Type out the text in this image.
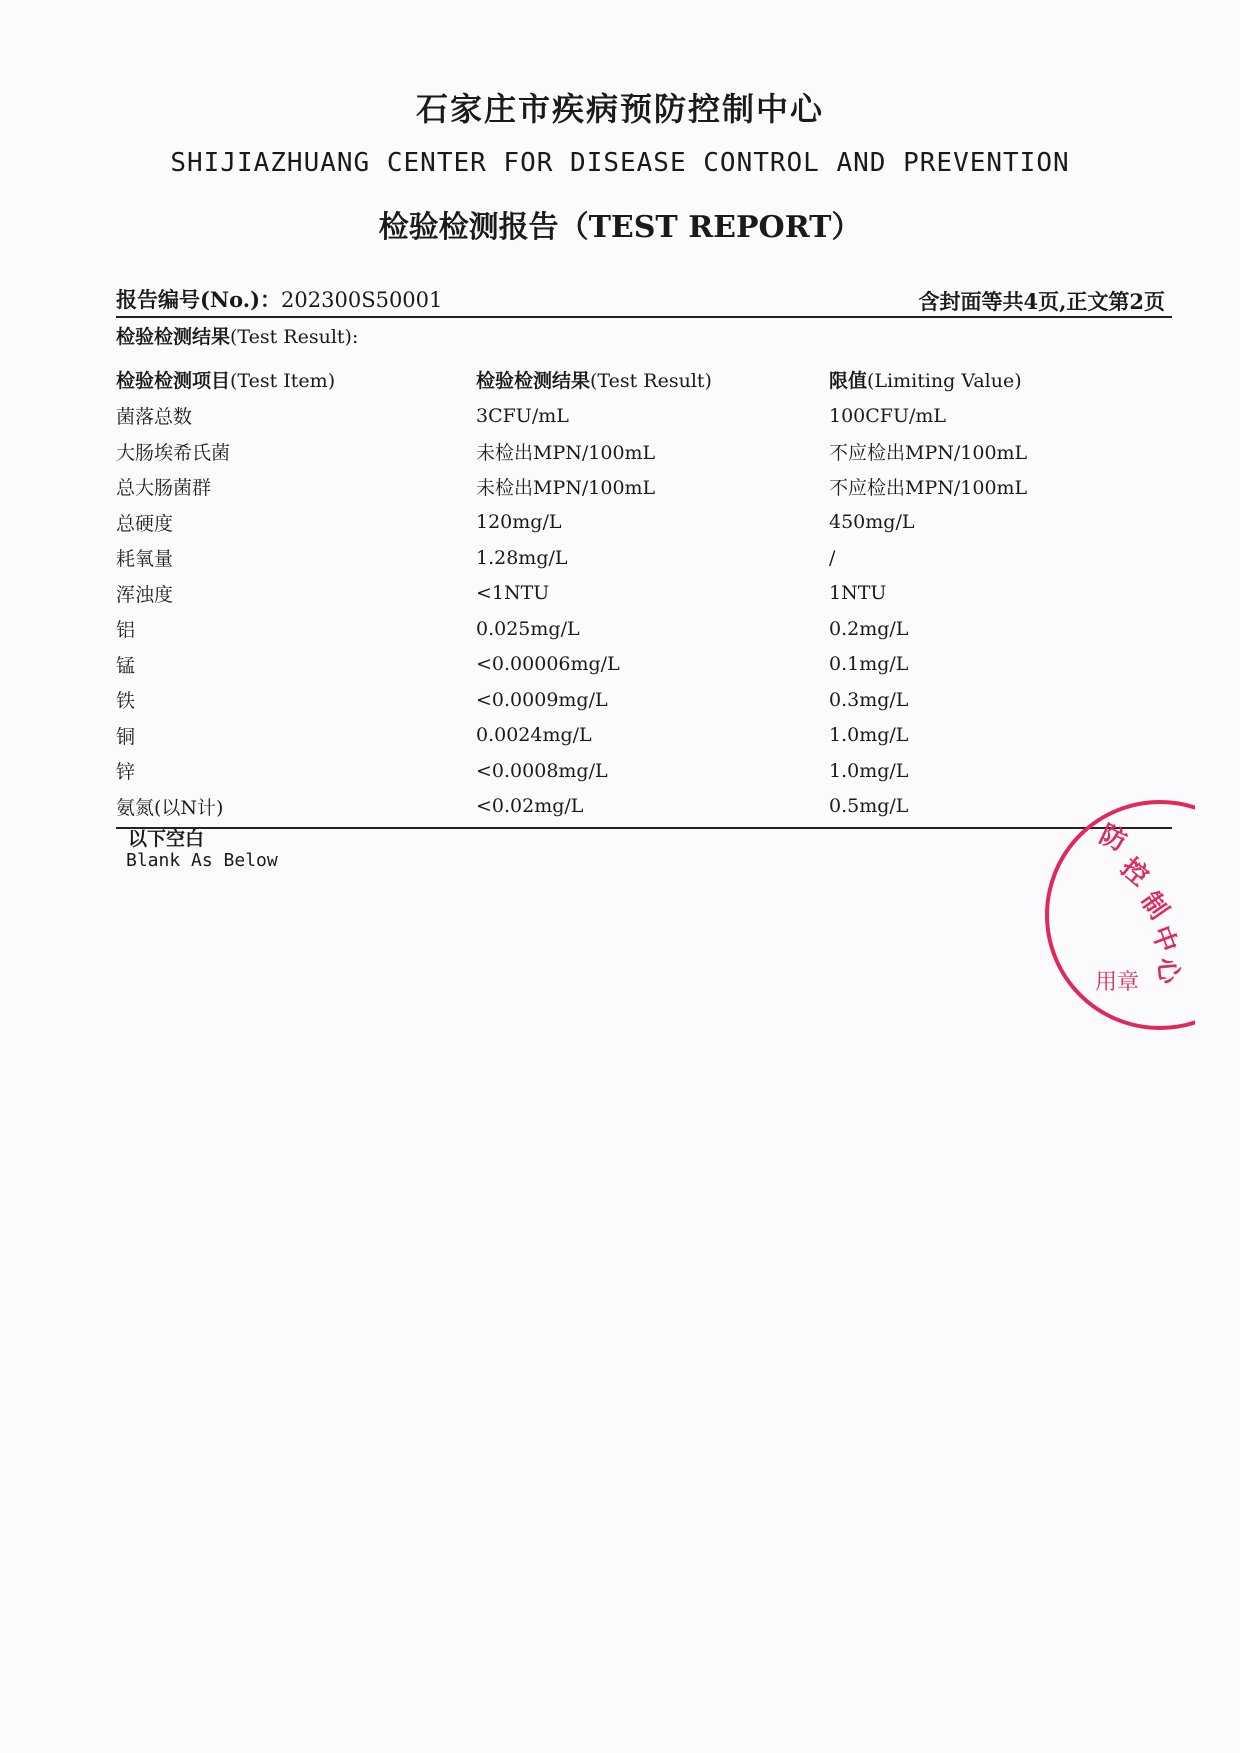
石家庄市疾病预防控制中心
SHIJIAZHUANG CENTER FOR DISEASE CONTROL AND PREVENTION
检验检测报告（TEST REPORT）
报告编号(No.)：202300S50001	含封面等共4页,正文第2页
检验检测结果(Test Result):
检验检测项目(Test Item)	检验检测结果(Test Result)	限值(Limiting Value)
菌落总数	3CFU/mL	100CFU/mL
大肠埃希氏菌	未检出MPN/100mL	不应检出MPN/100mL
总大肠菌群	未检出MPN/100mL	不应检出MPN/100mL
总硬度	120mg/L	450mg/L
耗氧量	1.28mg/L	/
浑浊度	<1NTU	1NTU
铝	0.025mg/L	0.2mg/L
锰	<0.00006mg/L	0.1mg/L
铁	<0.0009mg/L	0.3mg/L
铜	0.0024mg/L	1.0mg/L
锌	<0.0008mg/L	1.0mg/L
氨氮(以N计)	<0.02mg/L	0.5mg/L
以下空白
Blank As Below
防
控
制
中
心
用章
